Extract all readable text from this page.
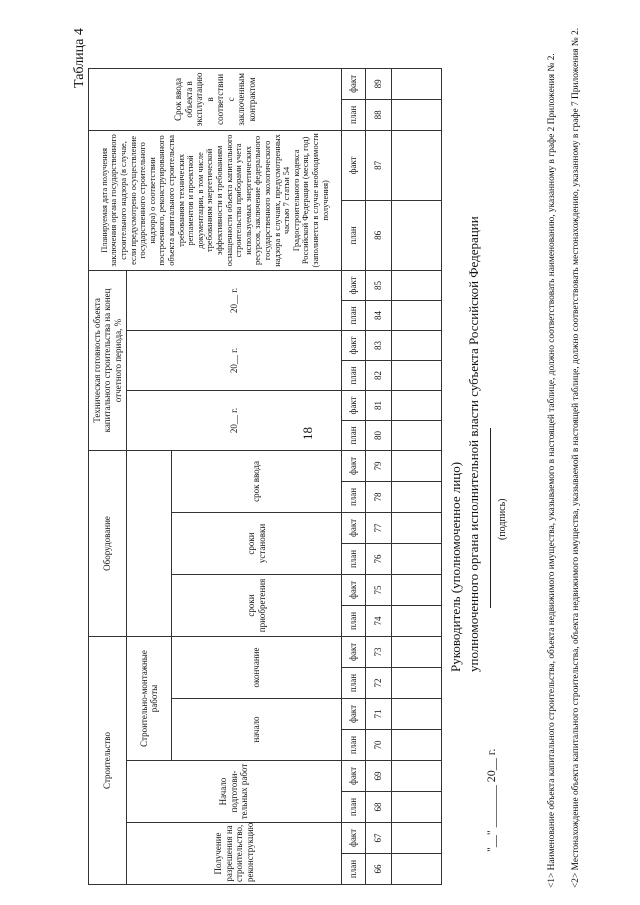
18
Таблица 4
Строительство								Оборудование						Техническая готовность объекта капитального строительства на конец отчетного периода, %						Планируемая дата получения заключения органа государственного строительного надзора (в случае, если предусмотрено осуществление государственного строительного надзора) о соответствии построенного, реконструированного объекта капитального строительства требованиям технических регламентов и проектной документации, в том числе требованиям энергетической эффективности и требованиям оснащенности объекта капитального строительства приборами учета используемых энергетических ресурсов, заключение федерального государственного экологического надзора в случаях, предусмотренных частью 7 статьи 54 Градостроительного кодекса Российской Федерации (месяц, год) (заполняется в случае необходимости получения)		Срок ввода объекта в эксплуатацию в соответствии с заключенным контрактом	
Получение разрешения на строительство, реконструкцию		Начало подготови-тельных работ		Строительно-монтажные работы										20__ г.		20__ г.		20__ г.					
				начало		окончание		сроки приобретения		сроки установки		срок ввода											
план	факт	план	факт	план	факт	план	факт	план	факт	план	факт	план	факт	план	факт	план	факт	план	факт	план	факт	план	факт
66	67	68	69	70	71	72	73	74	75	76	77	78	79	80	81	82	83	84	85	86	87	88	89

Руководитель (уполномоченное лицо) уполномоченного органа исполнительной власти субъекта Российской Федерации (подпись)
"__" _______ 20__ г.	<1> Наименование объекта капитального строительства, объекта недвижимого имущества, указываемого в настоящей таблице, должно соответствовать наименованию, указанному в графе 2 Приложения № 2. <2> Местонахождение объекта капитального строительства, объекта недвижимого имущества, указываемой в настоящей таблице, должно соответствовать местонахождению, указанному в графе 7 Приложения № 2.
